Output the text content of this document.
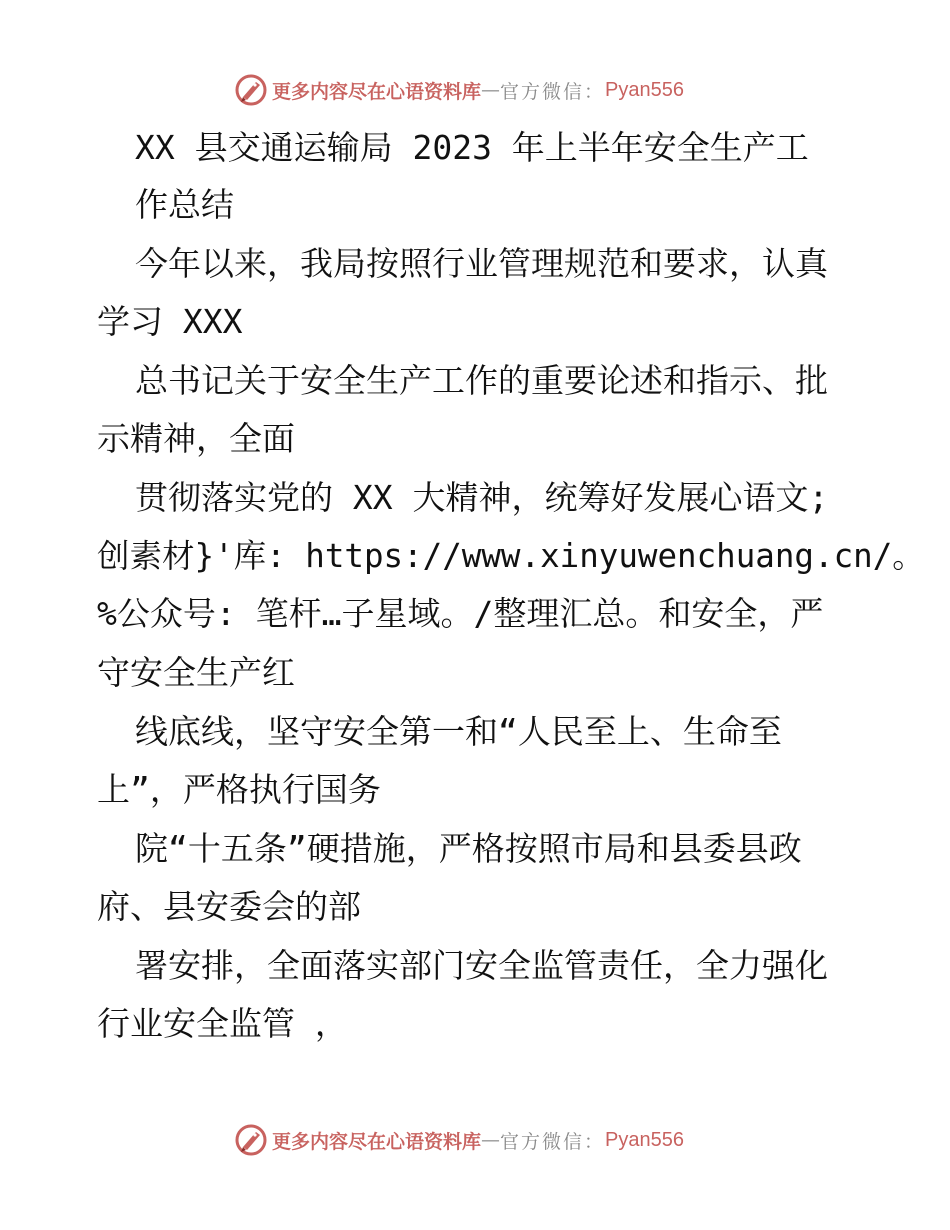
更多内容尽在心语资料库 — 官方微信： Pyan556
XX 县交通运输局 2023 年上半年安全生产工
作总结
今年以来，我局按照行业管理规范和要求，认真
学习 XXX
总书记关于安全生产工作的重要论述和指示、批
示精神，全面
贯彻落实党的 XX 大精神，统筹好发展心语文;
创素材}'库: https://www.xinyuwenchuang.cn/。
%公众号: 笔杆…子星域。/整理汇总。和安全，严
守安全生产红
线底线，坚守安全第一和“人民至上、生命至
上”，严格执行国务
院“十五条”硬措施，严格按照市局和县委县政
府、县安委会的部
署安排，全面落实部门安全监管责任，全力强化
行业安全监管 ，
更多内容尽在心语资料库 — 官方微信： Pyan556
